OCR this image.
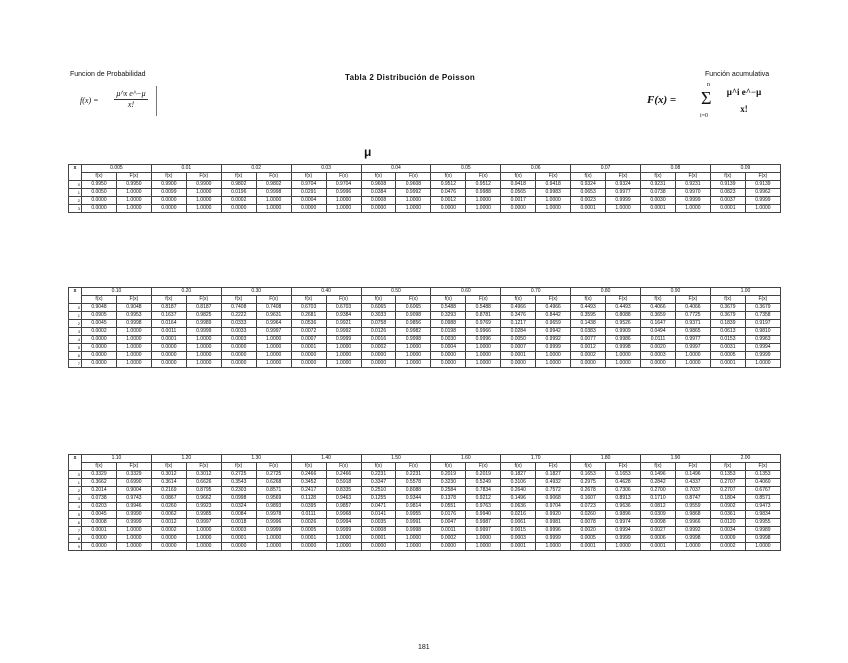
Funcion de Probabilidad
$f(x) = \frac{\text{μ\textasciicircum{}x e\textasciicircum{}−μ}}{x!}$
Tabla 2 Distribución de Poisson	Función acumulativa
F(x) =
n
Σ
i=0
μ^i e^−μ
x!
μ
x	0.005		0.01		0.02		0.03		0.04		0.05		0.06		0.07		0.08		0.09	
	f(x)	F(x)	f(x)	F(x)	f(x)	F(x)	f(x)	F(x)	f(x)	F(x)	f(x)	F(x)	f(x)	F(x)	f(x)	F(x)	f(x)	F(x)	f(x)	F(x)
0	0.9950	0.9950	0.9900	0.9900	0.9802	0.9802	0.9704	0.9704	0.9608	0.9608	0.9512	0.9512	0.9418	0.9418	0.9324	0.9324	0.9231	0.9231	0.9139	0.9139
1	0.0050	1.0000	0.0099	1.0000	0.0196	0.9998	0.0291	0.9996	0.0384	0.9992	0.0476	0.9988	0.0565	0.9983	0.0653	0.9977	0.0738	0.9970	0.0823	0.9962
2	0.0000	1.0000	0.0000	1.0000	0.0002	1.0000	0.0004	1.0000	0.0008	1.0000	0.0012	1.0000	0.0017	1.0000	0.0023	0.9999	0.0030	0.9999	0.0037	0.9999
3	0.0000	1.0000	0.0000	1.0000	0.0000	1.0000	0.0000	1.0000	0.0000	1.0000	0.0000	1.0000	0.0000	1.0000	0.0001	1.0000	0.0001	1.0000	0.0001	1.0000
x	0.10		0.20		0.30		0.40		0.50		0.60		0.70		0.80		0.90		1.00	
	f(x)	F(x)	f(x)	F(x)	f(x)	F(x)	f(x)	F(x)	f(x)	F(x)	f(x)	F(x)	f(x)	F(x)	f(x)	F(x)	f(x)	F(x)	f(x)	F(x)
0	0.9048	0.9048	0.8187	0.8187	0.7408	0.7408	0.6703	0.6703	0.6065	0.6065	0.5488	0.5488	0.4966	0.4966	0.4493	0.4493	0.4066	0.4066	0.3679	0.3679
1	0.0905	0.9953	0.1637	0.9825	0.2222	0.9631	0.2681	0.9384	0.3033	0.9098	0.3293	0.8781	0.3476	0.8442	0.3595	0.8088	0.3659	0.7725	0.3679	0.7358
2	0.0045	0.9998	0.0164	0.9989	0.0333	0.9964	0.0536	0.9921	0.0758	0.9856	0.0988	0.9769	0.1217	0.9659	0.1438	0.9526	0.1647	0.9371	0.1839	0.9197
3	0.0002	1.0000	0.0011	0.9999	0.0033	0.9997	0.0072	0.9992	0.0126	0.9982	0.0198	0.9966	0.0284	0.9942	0.0383	0.9909	0.0494	0.9865	0.0613	0.9810
4	0.0000	1.0000	0.0001	1.0000	0.0003	1.0000	0.0007	0.9999	0.0016	0.9998	0.0030	0.9996	0.0050	0.9992	0.0077	0.9986	0.0111	0.9977	0.0153	0.9963
5	0.0000	1.0000	0.0000	1.0000	0.0000	1.0000	0.0001	1.0000	0.0002	1.0000	0.0004	1.0000	0.0007	0.9999	0.0012	0.9998	0.0020	0.9997	0.0031	0.9994
6	0.0000	1.0000	0.0000	1.0000	0.0000	1.0000	0.0000	1.0000	0.0000	1.0000	0.0000	1.0000	0.0001	1.0000	0.0002	1.0000	0.0003	1.0000	0.0005	0.9999
7	0.0000	1.0000	0.0000	1.0000	0.0000	1.0000	0.0000	1.0000	0.0000	1.0000	0.0000	1.0000	0.0000	1.0000	0.0000	1.0000	0.0000	1.0000	0.0001	1.0000
x	1.10		1.20		1.30		1.40		1.50		1.60		1.70		1.80		1.90		2.00	
	f(x)	F(x)	f(x)	F(x)	f(x)	F(x)	f(x)	F(x)	f(x)	F(x)	f(x)	F(x)	f(x)	F(x)	f(x)	F(x)	f(x)	F(x)	f(x)	F(x)
0	0.3329	0.3329	0.3012	0.3012	0.2725	0.2725	0.2466	0.2466	0.2231	0.2231	0.2019	0.2019	0.1827	0.1827	0.1653	0.1653	0.1496	0.1496	0.1353	0.1353
1	0.3662	0.6990	0.3614	0.6626	0.3543	0.6268	0.3452	0.5918	0.3347	0.5578	0.3230	0.5249	0.3106	0.4932	0.2975	0.4628	0.2842	0.4337	0.2707	0.4060
2	0.2014	0.9004	0.2169	0.8795	0.2303	0.8571	0.2417	0.8335	0.2510	0.8088	0.2584	0.7834	0.2640	0.7572	0.2678	0.7306	0.2700	0.7037	0.2707	0.6767
3	0.0738	0.9743	0.0867	0.9662	0.0998	0.9569	0.1128	0.9463	0.1255	0.9344	0.1378	0.9212	0.1496	0.9068	0.1607	0.8913	0.1710	0.8747	0.1804	0.8571
4	0.0203	0.9946	0.0260	0.9923	0.0324	0.9893	0.0395	0.9857	0.0471	0.9814	0.0551	0.9763	0.0636	0.9704	0.0723	0.9636	0.0812	0.9559	0.0902	0.9473
5	0.0045	0.9990	0.0062	0.9985	0.0084	0.9978	0.0111	0.9968	0.0141	0.9955	0.0176	0.9940	0.0216	0.9920	0.0260	0.9896	0.0309	0.9868	0.0361	0.9834
6	0.0008	0.9999	0.0012	0.9997	0.0018	0.9996	0.0026	0.9994	0.0035	0.9991	0.0047	0.9987	0.0061	0.9981	0.0078	0.9974	0.0098	0.9966	0.0120	0.9955
7	0.0001	1.0000	0.0002	1.0000	0.0003	0.9999	0.0005	0.9999	0.0008	0.9998	0.0011	0.9997	0.0015	0.9996	0.0020	0.9994	0.0027	0.9992	0.0034	0.9989
8	0.0000	1.0000	0.0000	1.0000	0.0001	1.0000	0.0001	1.0000	0.0001	1.0000	0.0002	1.0000	0.0003	0.9999	0.0005	0.9999	0.0006	0.9998	0.0009	0.9998
9	0.0000	1.0000	0.0000	1.0000	0.0000	1.0000	0.0000	1.0000	0.0000	1.0000	0.0000	1.0000	0.0001	1.0000	0.0001	1.0000	0.0001	1.0000	0.0002	1.0000
181
